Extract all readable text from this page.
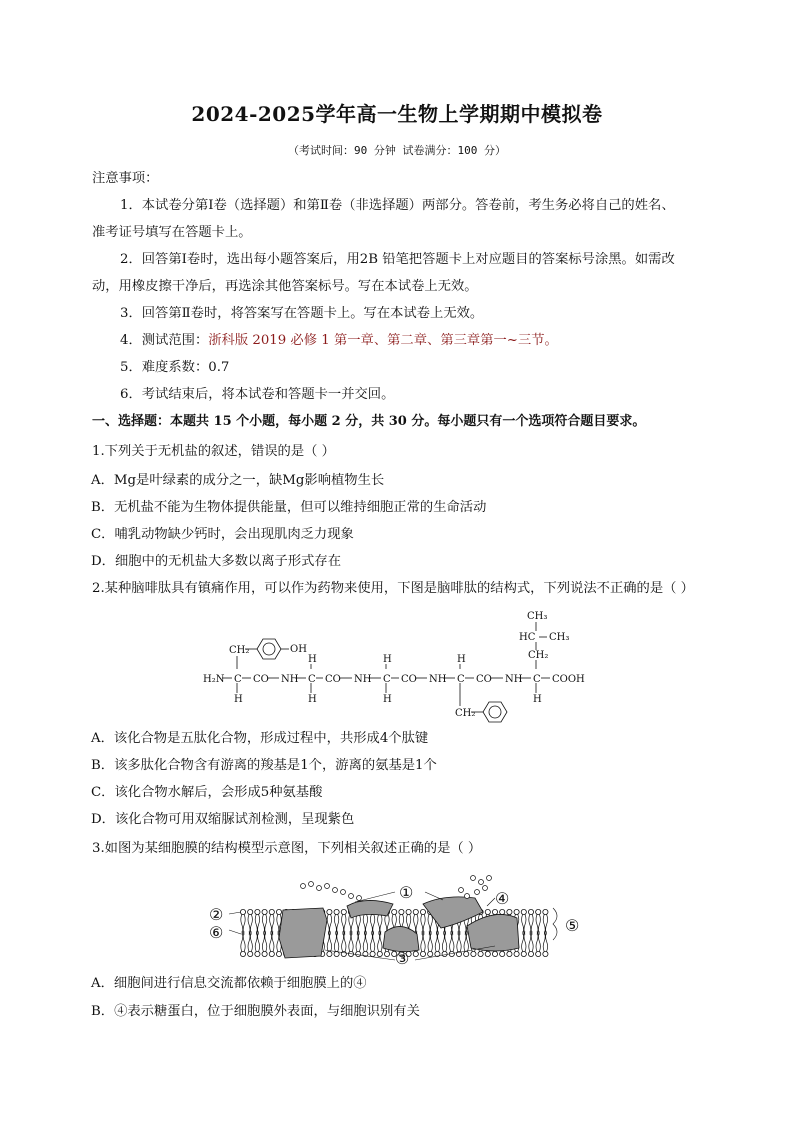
2024-2025学年高一生物上学期期中模拟卷
（考试时间：90 分钟 试卷满分：100 分）
注意事项：
1．本试卷分第Ⅰ卷（选择题）和第Ⅱ卷（非选择题）两部分。答卷前，考生务必将自己的姓名、
准考证号填写在答题卡上。
2．回答第Ⅰ卷时，选出每小题答案后，用2B 铅笔把答题卡上对应题目的答案标号涂黑。如需改
动，用橡皮擦干净后，再选涂其他答案标号。写在本试卷上无效。
3．回答第Ⅱ卷时，将答案写在答题卡上。写在本试卷上无效。
4．测试范围：浙科版 2019 必修 1 第一章、第二章、第三章第一~三节。
5．难度系数：0.7
6．考试结束后，将本试卷和答题卡一并交回。
一、选择题：本题共 15 个小题，每小题 2 分，共 30 分。每小题只有一个选项符合题目要求。
1.下列关于无机盐的叙述，错误的是（ ）
A．Mg是叶绿素的成分之一，缺Mg影响植物生长
B．无机盐不能为生物体提供能量，但可以维持细胞正常的生命活动
C．哺乳动物缺少钙时，会出现肌肉乏力现象
D．细胞中的无机盐大多数以离子形式存在
2.某种脑啡肽具有镇痛作用，可以作为药物来使用，下图是脑啡肽的结构式，下列说法不正确的是（ ）
H₂N C CO NH C CO NH C CO NH C CO NH C COOH
H
H
H
H
H
H
H
CH₂	OH
CH₂
CH₂
HC CH₃
CH₃
A．该化合物是五肽化合物，形成过程中，共形成4个肽键
B．该多肽化合物含有游离的羧基是1个，游离的氨基是1个
C．该化合物水解后，会形成5种氨基酸
D．该化合物可用双缩脲试剂检测，呈现紫色
3.如图为某细胞膜的结构模型示意图，下列相关叙述正确的是（ ）
①
②
③
④
⑤
⑥
A．细胞间进行信息交流都依赖于细胞膜上的④
B．④表示糖蛋白，位于细胞膜外表面，与细胞识别有关
